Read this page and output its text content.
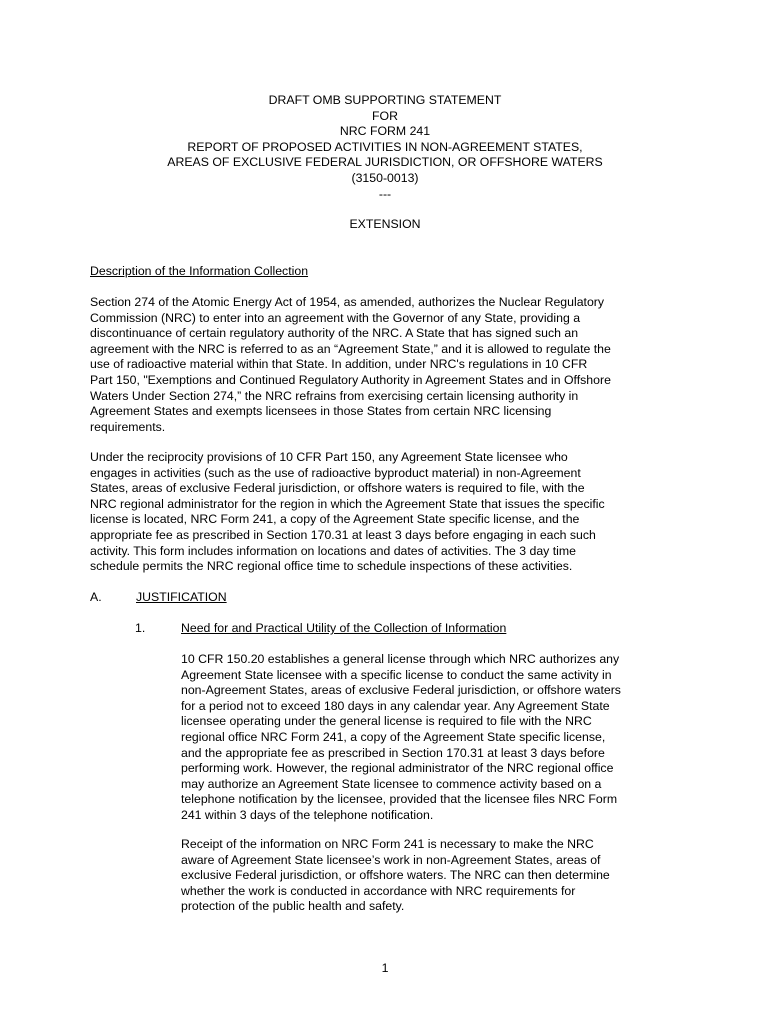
DRAFT OMB SUPPORTING STATEMENT
FOR
NRC FORM 241
REPORT OF PROPOSED ACTIVITIES IN NON-AGREEMENT STATES,
AREAS OF EXCLUSIVE FEDERAL JURISDICTION, OR OFFSHORE WATERS
(3150-0013)
---
EXTENSION
Description of the Information Collection
Section 274 of the Atomic Energy Act of 1954, as amended, authorizes the Nuclear Regulatory
Commission (NRC) to enter into an agreement with the Governor of any State, providing a
discontinuance of certain regulatory authority of the NRC. A State that has signed such an
agreement with the NRC is referred to as an “Agreement State,” and it is allowed to regulate the
use of radioactive material within that State. In addition, under NRC's regulations in 10 CFR
Part 150, "Exemptions and Continued Regulatory Authority in Agreement States and in Offshore
Waters Under Section 274,” the NRC refrains from exercising certain licensing authority in
Agreement States and exempts licensees in those States from certain NRC licensing
requirements.
Under the reciprocity provisions of 10 CFR Part 150, any Agreement State licensee who
engages in activities (such as the use of radioactive byproduct material) in non-Agreement
States, areas of exclusive Federal jurisdiction, or offshore waters is required to file, with the
NRC regional administrator for the region in which the Agreement State that issues the specific
license is located, NRC Form 241, a copy of the Agreement State specific license, and the
appropriate fee as prescribed in Section 170.31 at least 3 days before engaging in each such
activity. This form includes information on locations and dates of activities. The 3 day time
schedule permits the NRC regional office time to schedule inspections of these activities.
A.	JUSTIFICATION
1.	Need for and Practical Utility of the Collection of Information
10 CFR 150.20 establishes a general license through which NRC authorizes any
Agreement State licensee with a specific license to conduct the same activity in
non-Agreement States, areas of exclusive Federal jurisdiction, or offshore waters
for a period not to exceed 180 days in any calendar year. Any Agreement State
licensee operating under the general license is required to file with the NRC
regional office NRC Form 241, a copy of the Agreement State specific license,
and the appropriate fee as prescribed in Section 170.31 at least 3 days before
performing work. However, the regional administrator of the NRC regional office
may authorize an Agreement State licensee to commence activity based on a
telephone notification by the licensee, provided that the licensee files NRC Form
241 within 3 days of the telephone notification.
Receipt of the information on NRC Form 241 is necessary to make the NRC
aware of Agreement State licensee’s work in non-Agreement States, areas of
exclusive Federal jurisdiction, or offshore waters. The NRC can then determine
whether the work is conducted in accordance with NRC requirements for
protection of the public health and safety.
1
